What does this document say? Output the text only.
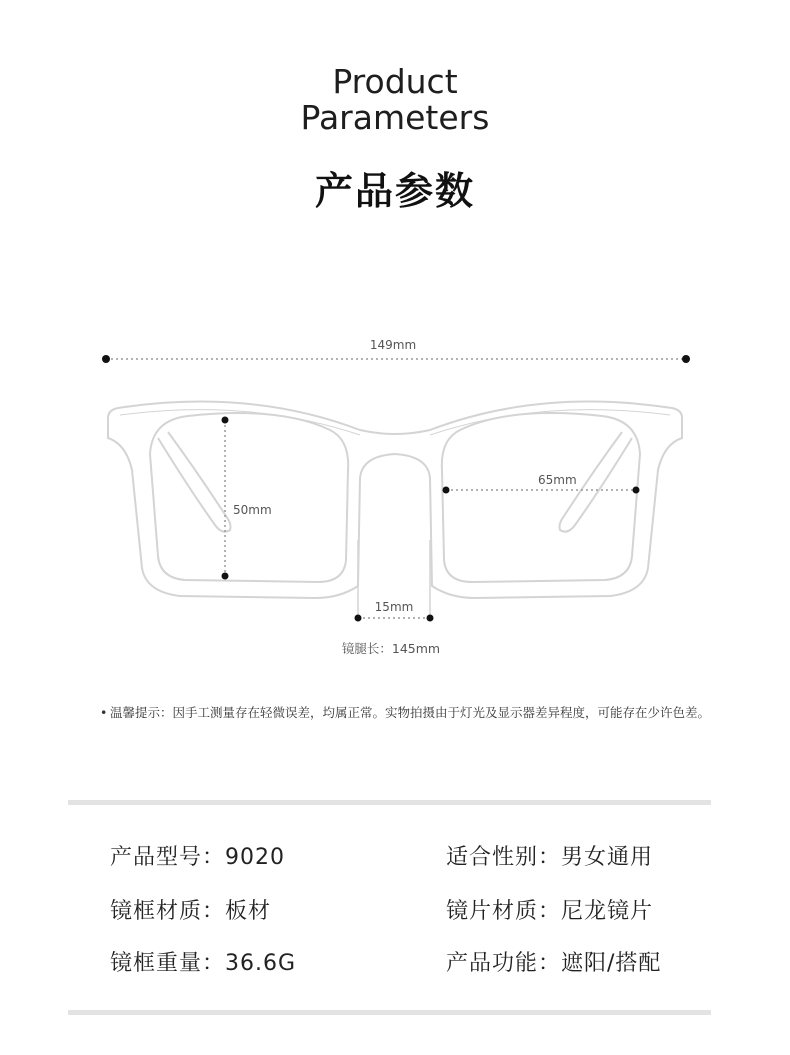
Product
Parameters
产品参数
149mm
50mm
65mm
15mm
镜腿长：145mm
• 温馨提示：因手工测量存在轻微误差，均属正常。实物拍摄由于灯光及显示器差异程度，可能存在少许色差。
产品型号：9020	适合性别：男女通用
镜框材质：板材	镜片材质：尼龙镜片
镜框重量：36.6G	产品功能：遮阳/搭配
